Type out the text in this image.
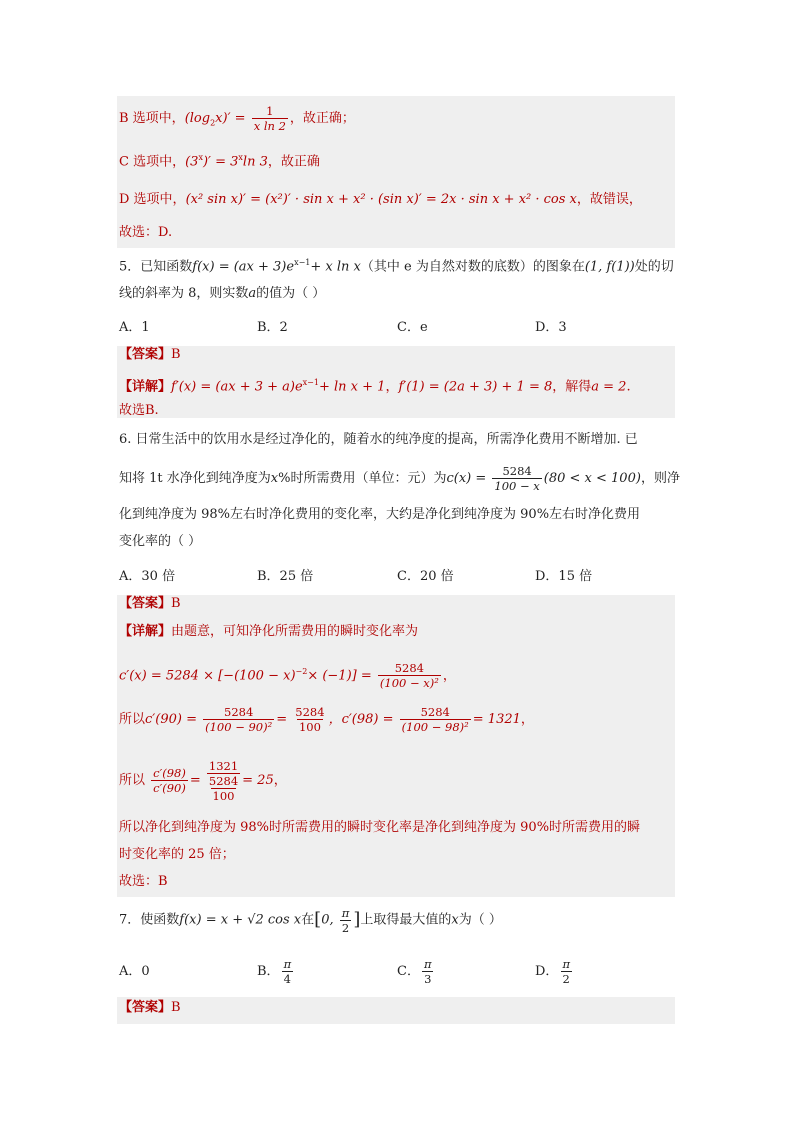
B 选项中，$(\log_2x)' = \frac{1}{\text{x ln 2}}$ ，故正确；
C 选项中，$(3^x)' = 3^x\ln$ 3，故正确
D 选项中，(x² sin x)′ = (x²)′ · sin x + x² · (sin x)′ = 2x · sin x + x² · cos x，故错误，
故选：D.
5．已知函数$f(x) = (ax + 3)e^{x-1}+ x$ ln x（其中 e 为自然对数的底数）的图象在(1, f(1))处的切
线的斜率为 8，则实数a的值为（ ）
A．1	B．2	C．e	D．3
【答案】B
【详解】$f'(x) = (ax + 3 + a)e^{x-1}+ \ln x + 1$，f′(1) = (2a + 3) + 1 = 8，解得a = 2.
故选B.
6. 日常生活中的饮用水是经过净化的，随着水的纯净度的提高，所需净化费用不断增加. 已
知将 1t 水净化到纯净度为x%时所需费用（单位：元）为$c(x) = \frac{5284}{100 - x} (80 < x < 100)$，则净
化到纯净度为 98%左右时净化费用的变化率，大约是净化到纯净度为 90%左右时净化费用
变化率的（ ）
A．30 倍	B．25 倍	C．20 倍	D．15 倍
【答案】B
【详解】由题意，可知净化所需费用的瞬时变化率为
$c'(x) = 5284 \times [-(100 - x)^{-2}\times (-1)] = \frac{5284}{\text{(100 − x)²}}$ ，
所以$c'(90) = \frac{5284}{\text{(100 − 90)²}} = \frac{5284}{100}$ ，$c'(98) = \frac{5284}{\text{(100 − 98)²}} = 1321$，
所以 $\frac{c'(98)}{c'(90)} = 1321$
5284
100 = 25，
所以净化到纯净度为 98%时所需费用的瞬时变化率是净化到纯净度为 90%时所需费用的瞬
时变化率的 25 倍；
故选：B
7．使函数f(x) = x + √2 cos x在[0, $\frac{\pi}{2}$ ]上取得最大值的x为（ ）
A．0	B． $\frac{\pi}{4}$	C． $\frac{\pi}{3}$	D． $\frac{\pi}{2}$
【答案】B
